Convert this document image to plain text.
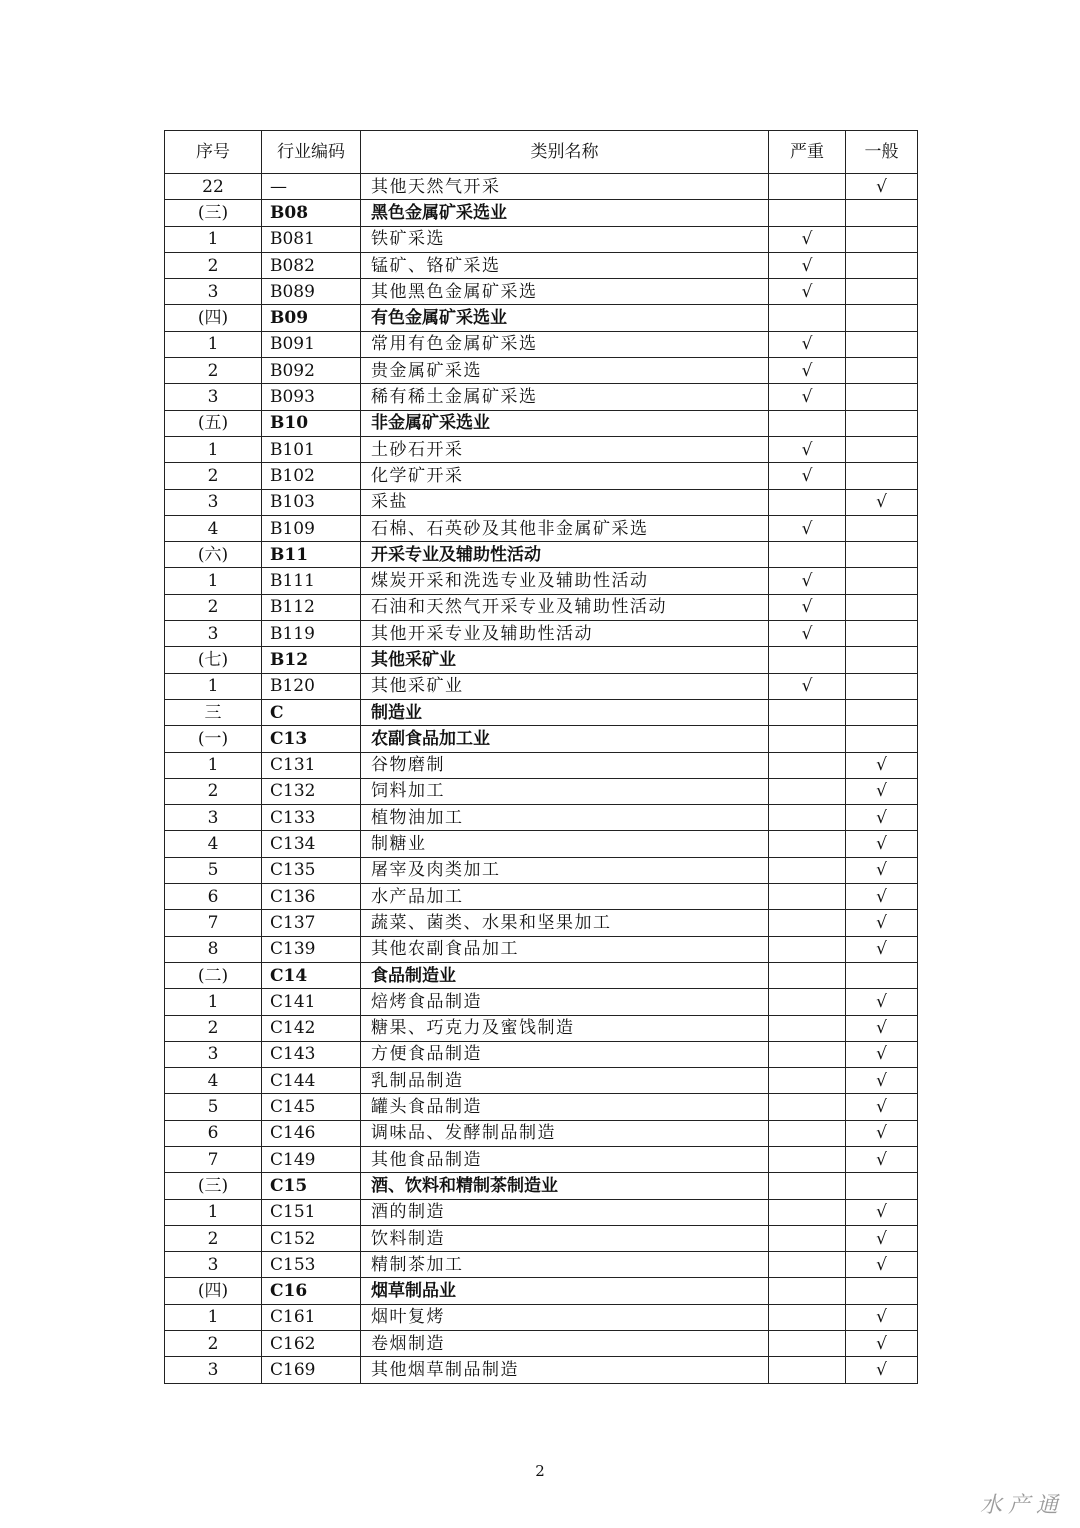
序号	行业编码	类别名称	严重	一般
22	—	其他天然气开采		√
(三)	B08	黑色金属矿采选业		
1	B081	铁矿采选	√	
2	B082	锰矿、铬矿采选	√	
3	B089	其他黑色金属矿采选	√	
(四)	B09	有色金属矿采选业		
1	B091	常用有色金属矿采选	√	
2	B092	贵金属矿采选	√	
3	B093	稀有稀土金属矿采选	√	
(五)	B10	非金属矿采选业		
1	B101	土砂石开采	√	
2	B102	化学矿开采	√	
3	B103	采盐		√
4	B109	石棉、石英砂及其他非金属矿采选	√	
(六)	B11	开采专业及辅助性活动		
1	B111	煤炭开采和洗选专业及辅助性活动	√	
2	B112	石油和天然气开采专业及辅助性活动	√	
3	B119	其他开采专业及辅助性活动	√	
(七)	B12	其他采矿业		
1	B120	其他采矿业	√	
三	C	制造业		
(一)	C13	农副食品加工业		
1	C131	谷物磨制		√
2	C132	饲料加工		√
3	C133	植物油加工		√
4	C134	制糖业		√
5	C135	屠宰及肉类加工		√
6	C136	水产品加工		√
7	C137	蔬菜、菌类、水果和坚果加工		√
8	C139	其他农副食品加工		√
(二)	C14	食品制造业		
1	C141	焙烤食品制造		√
2	C142	糖果、巧克力及蜜饯制造		√
3	C143	方便食品制造		√
4	C144	乳制品制造		√
5	C145	罐头食品制造		√
6	C146	调味品、发酵制品制造		√
7	C149	其他食品制造		√
(三)	C15	酒、饮料和精制茶制造业		
1	C151	酒的制造		√
2	C152	饮料制造		√
3	C153	精制茶加工		√
(四)	C16	烟草制品业		
1	C161	烟叶复烤		√
2	C162	卷烟制造		√
3	C169	其他烟草制品制造		√
2
水产通
